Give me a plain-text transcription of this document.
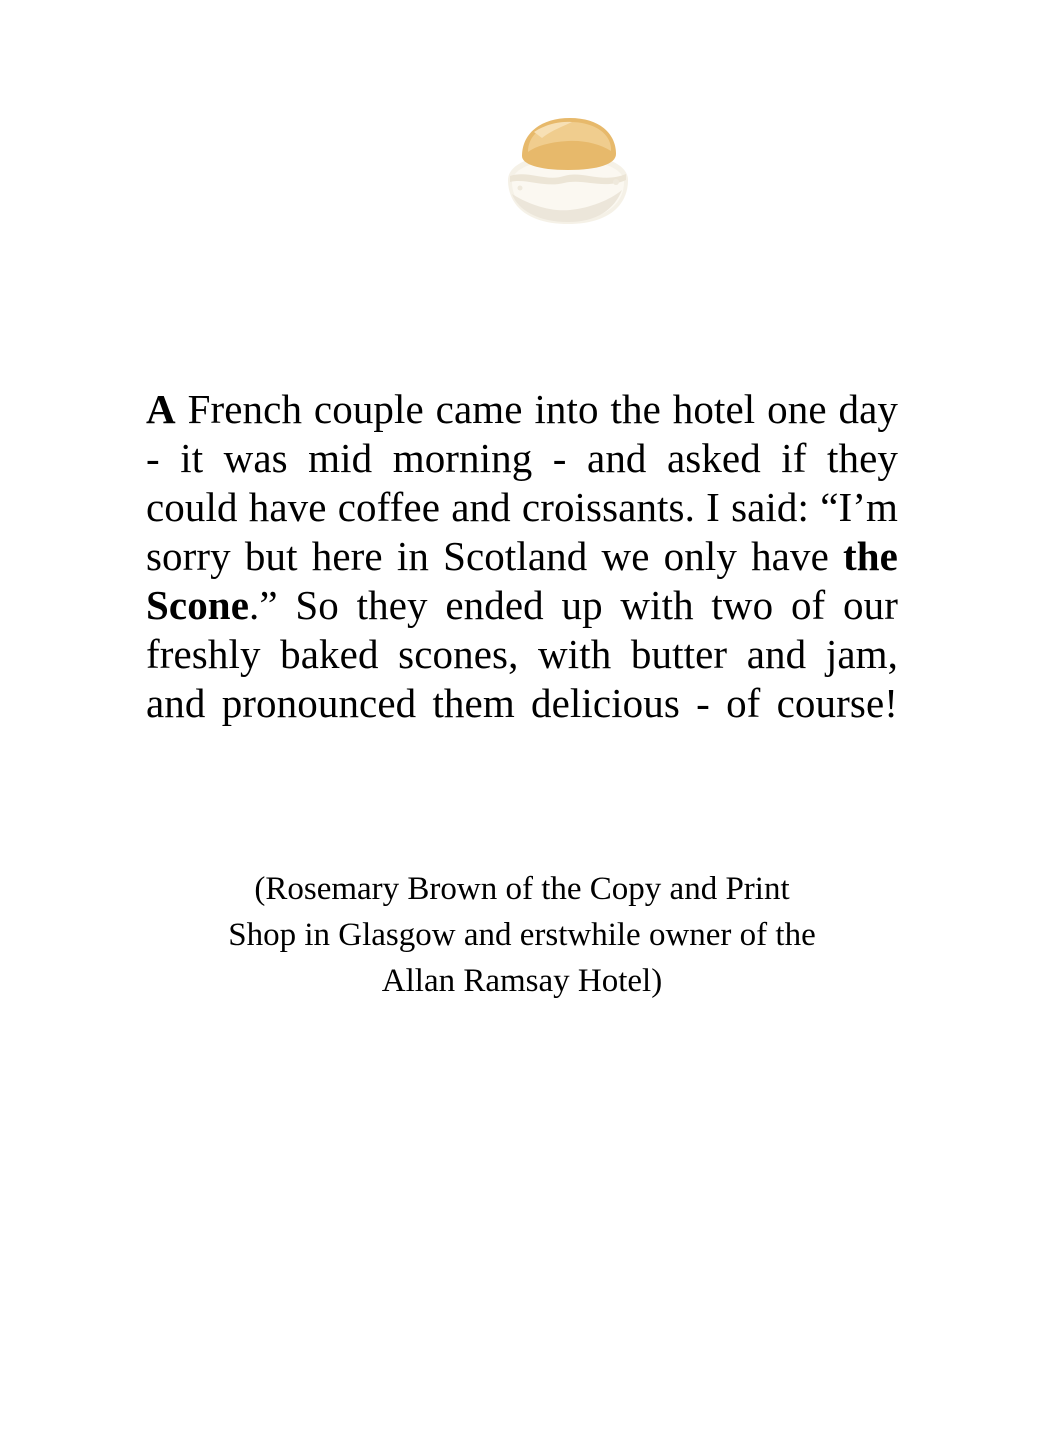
A French couple came into the hotel one day - it was mid morning - and asked if they could have coffee and croissants. I said: “I’m sorry but here in Scotland we only have the Scone.” So they ended up with two of our freshly baked scones, with butter and jam, and pronounced them delicious - of course!

(Rosemary Brown of the Copy and Print
Shop in Glasgow and erstwhile owner of the
Allan Ramsay Hotel)
